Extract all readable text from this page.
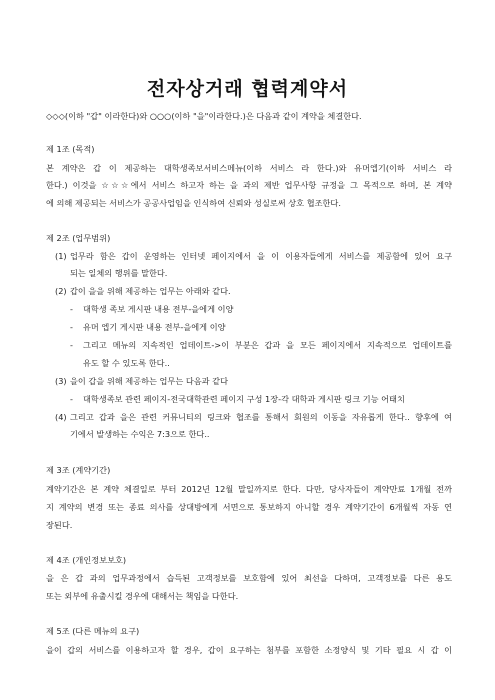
전자상거래 협력계약서
◇◇◇(이하 "갑" 이라한다)와 ○○○(이하 "을"이라한다.)은 다음과 같이 계약을 체결한다.
제 1조 (목적)
본 계약은 갑 이 제공하는 대학생족보서비스메뉴(이하 서비스 라 한다.)와 유머엡기(이하 서비스 라
한다.) 이것을 ☆☆☆에서 서비스 하고자 하는 을 과의 제반 업무사항 규정을 그 목적으로 하며, 본 계약
에 의해 제공되는 서비스가 공공사업임을 인식하여 신뢰와 성실로써 상호 협조한다.
제 2조 (업무범위)
(1) 업무라 함은 갑이 운영하는 인터넷 페이지에서 을 이 이용자들에게 서비스를 제공함에 있어 요구
되는 일체의 행위를 말한다.
(2) 갑이 을을 위해 제공하는 업무는 아래와 같다.
- 대학생 족보 게시판 내용 전부-을에게 이양
- 유머 엡기 게시판 내용 전부-을에게 이양
- 그리고 메뉴의 지속적인 업데이트->이 부분은 갑과 을 모든 페이지에서 지속적으로 업데이트를
유도 할 수 있도록 한다..
(3) 을이 갑을 위해 제공하는 업무는 다음과 같다
- 대학생족보 관련 페이지-전국대학관련 페이지 구성 1장-각 대학과 게시판 링크 기능 어태치
(4) 그리고 갑과 을은 관련 커뮤니티의 링크와 협조를 통해서 회원의 이동을 자유롭게 한다.. 향후에 여
기에서 발생하는 수익은 7:3으로 한다..
제 3조 (계약기간)
계약기간은 본 계약 체결일로 부터 2012년 12월 말일까지로 한다. 다만, 당사자들이 계약만료 1개월 전까
지 계약의 변경 또는 종료 의사를 상대방에게 서면으로 통보하지 아니할 경우 계약기간이 6개월씩 자동 연
장된다.
제 4조 (개인정보보호)
을 은 갑 과의 업무과정에서 습득된 고객정보를 보호함에 있어 최선을 다하며, 고객정보를 다른 용도
또는 외부에 유출시킬 경우에 대해서는 책임을 다한다.
제 5조 (다른 메뉴의 요구)
을이 갑의 서비스를 이용하고자 할 경우, 갑이 요구하는 첨부를 포함한 소정양식 및 기타 필요 시 갑 이
